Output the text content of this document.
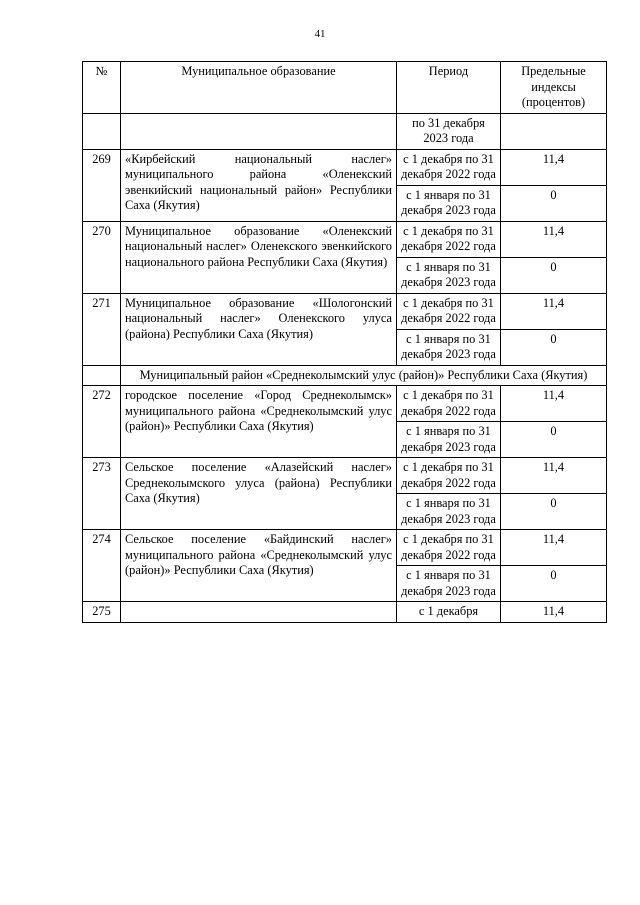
41
№	Муниципальное образование	Период	Предельные индексы (процентов)
		по 31 декабря 2023 года	
269	«Кирбейский национальный наслег» муниципального района «Оленекский эвенкийский национальный район» Республики Саха (Якутия)	с 1 декабря по 31 декабря 2022 года	11,4
		с 1 января по 31 декабря 2023 года	0
270	Муниципальное образование «Оленекский национальный наслег» Оленекского эвенкийского национального района Республики Саха (Якутия)	с 1 декабря по 31 декабря 2022 года	11,4
		с 1 января по 31 декабря 2023 года	0
271	Муниципальное образование «Шологонский национальный наслег» Оленекского улуса (района) Республики Саха (Якутия)	с 1 декабря по 31 декабря 2022 года	11,4
		с 1 января по 31 декабря 2023 года	0
	Муниципальный район «Среднеколымский улус (район)» Республики Саха (Якутия)		
272	городское поселение «Город Среднеколымск» муниципального района «Среднеколымский улус (район)» Республики Саха (Якутия)	с 1 декабря по 31 декабря 2022 года	11,4
		с 1 января по 31 декабря 2023 года	0
273	Сельское поселение «Алазейский наслег» Среднеколымского улуса (района) Республики Саха (Якутия)	с 1 декабря по 31 декабря 2022 года	11,4
		с 1 января по 31 декабря 2023 года	0
274	Сельское поселение «Байдинский наслег» муниципального района «Среднеколымский улус (район)» Республики Саха (Якутия)	с 1 декабря по 31 декабря 2022 года	11,4
		с 1 января по 31 декабря 2023 года	0
275		с 1 декабря	11,4
